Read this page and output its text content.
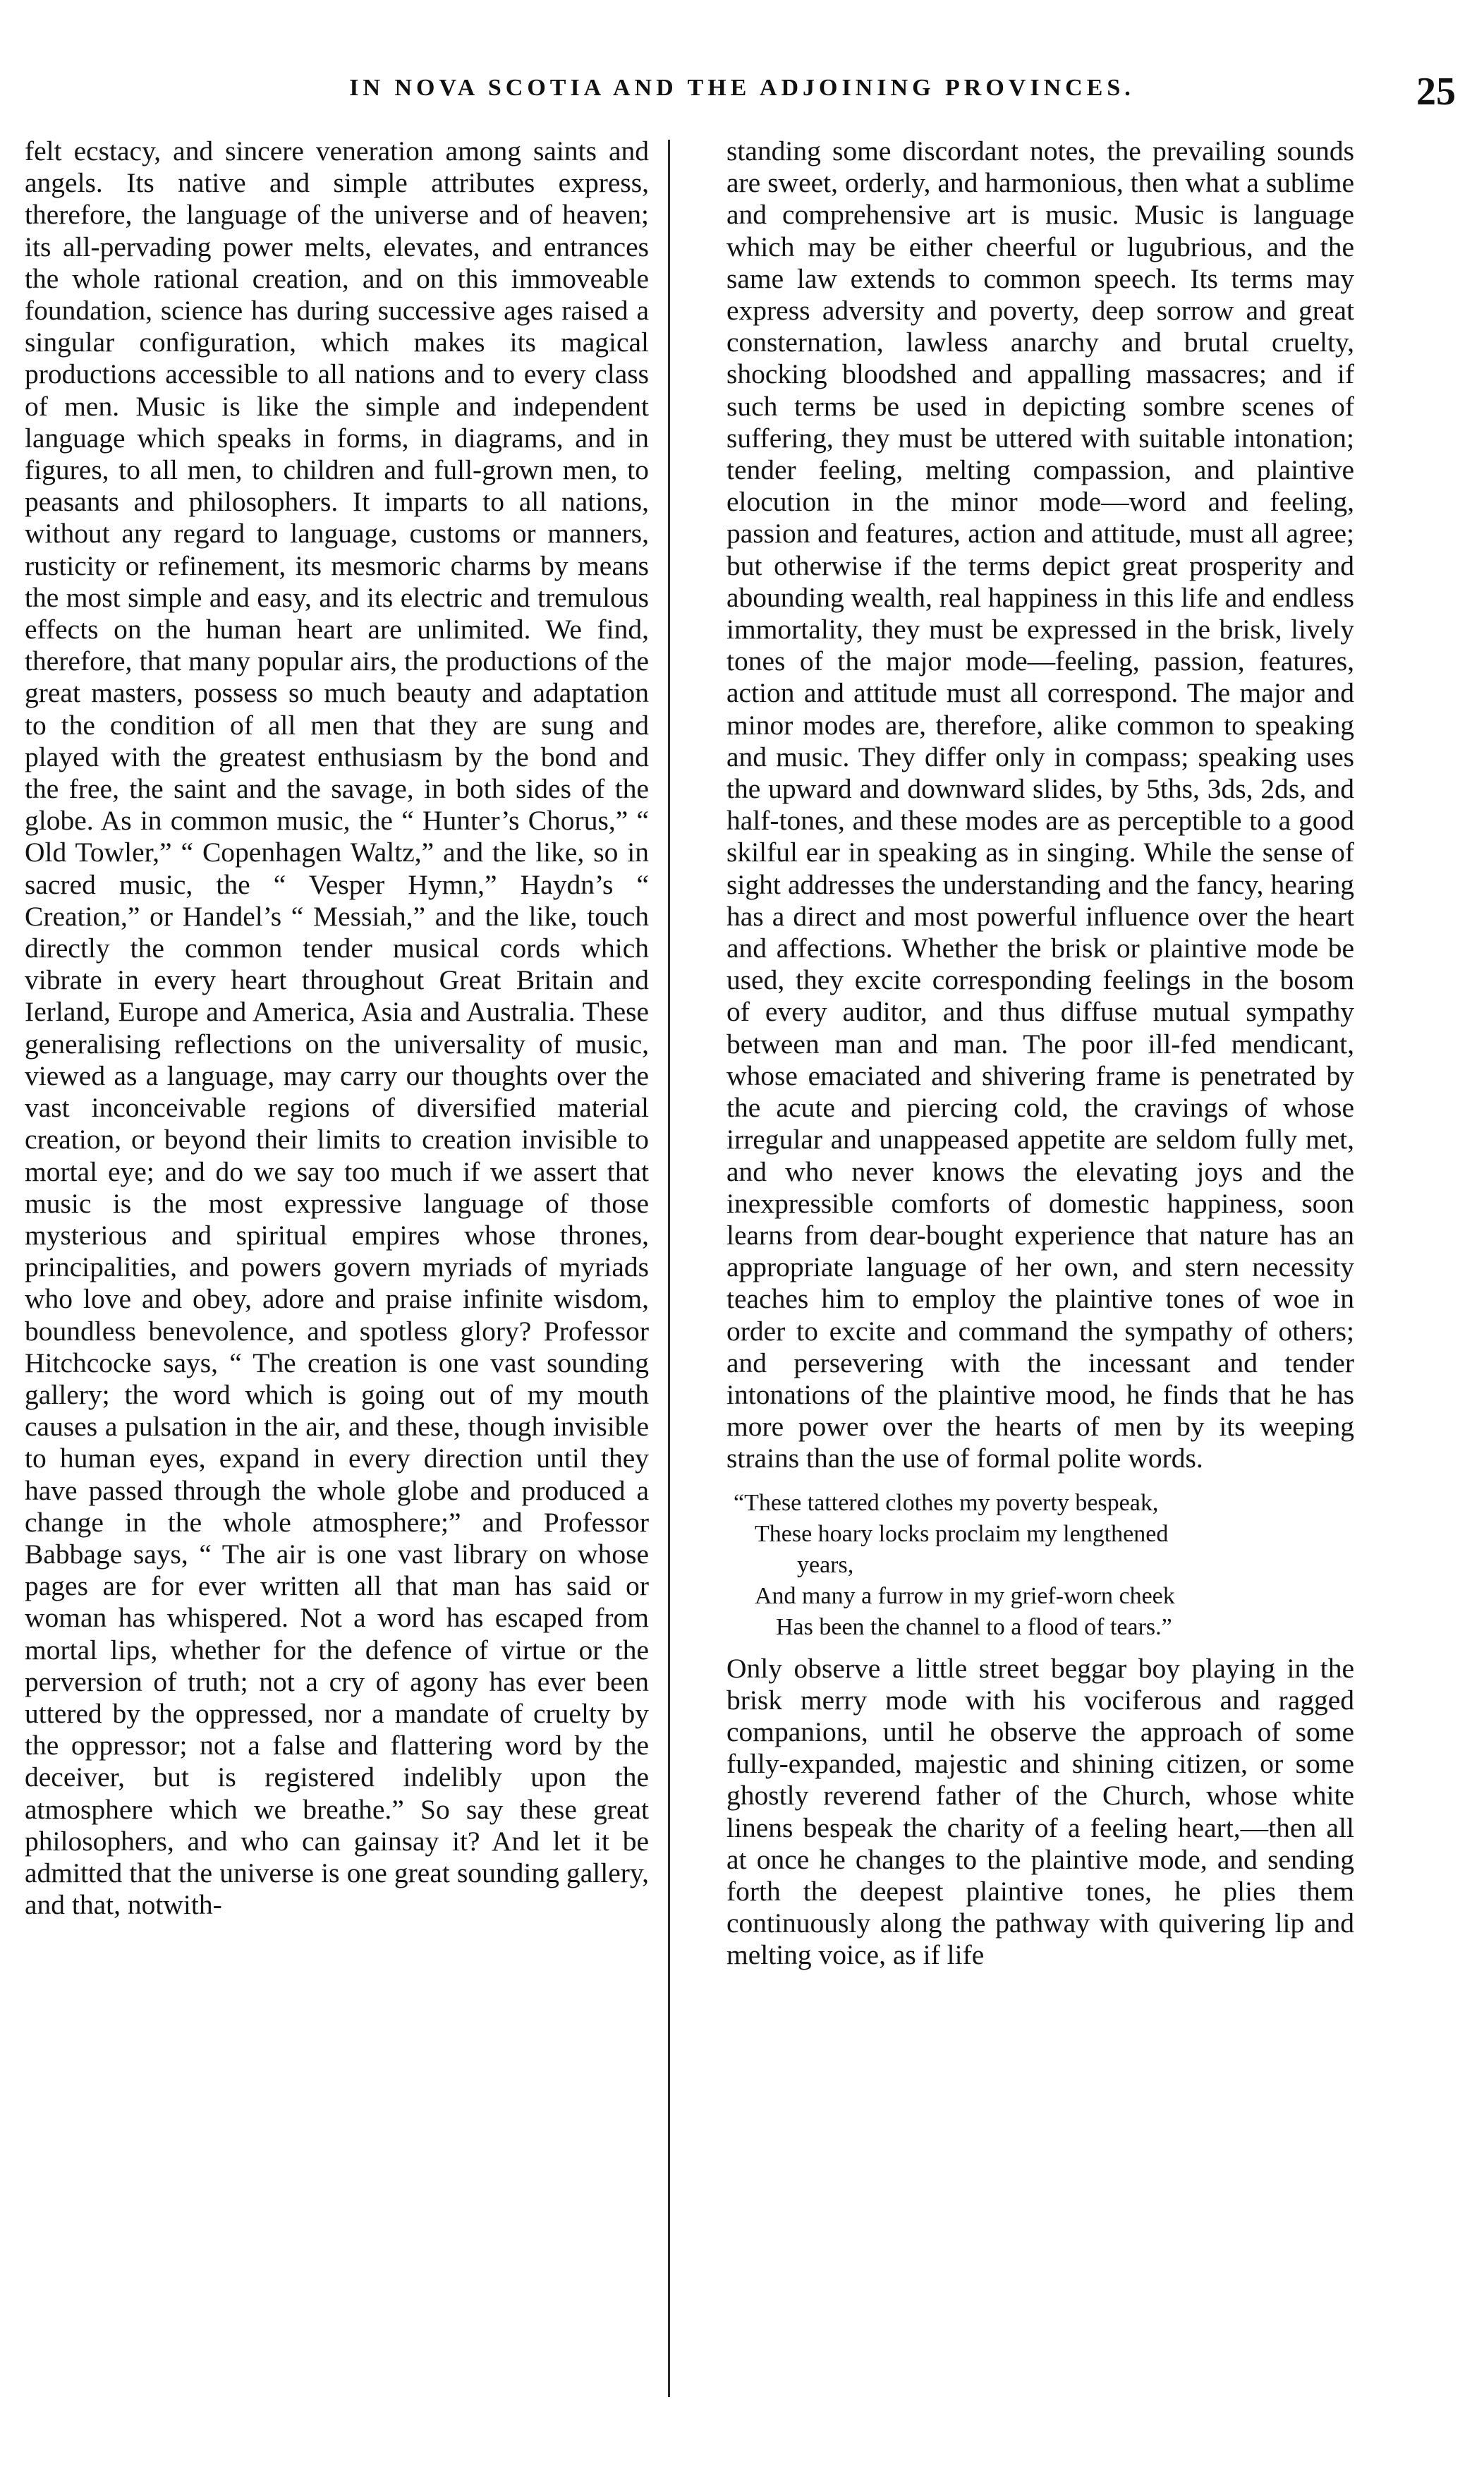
IN NOVA SCOTIA AND THE ADJOINING PROVINCES.	25

felt ecstacy, and sincere veneration among saints and angels. Its native and simple attributes express, therefore, the language of the universe and of heaven; its all-pervading power melts, elevates, and entrances the whole rational creation, and on this immoveable foundation, science has during successive ages raised a singular configuration, which makes its magical productions accessible to all nations and to every class of men. Music is like the simple and independent language which speaks in forms, in diagrams, and in figures, to all men, to children and full-grown men, to peasants and philosophers. It imparts to all nations, without any regard to language, customs or manners, rusticity or refinement, its mesmoric charms by means the most simple and easy, and its electric and tremulous effects on the human heart are unlimited. We find, therefore, that many popular airs, the productions of the great masters, possess so much beauty and adaptation to the condition of all men that they are sung and played with the greatest enthusiasm by the bond and the free, the saint and the savage, in both sides of the globe. As in common music, the “ Hunter’s Chorus,” “ Old Towler,” “ Copenhagen Waltz,” and the like, so in sacred music, the “ Vesper Hymn,” Haydn’s “ Creation,” or Handel’s “ Messiah,” and the like, touch directly the common tender musical cords which vibrate in every heart throughout Great Britain and Ierland, Europe and America, Asia and Australia. These generalising reflections on the universality of music, viewed as a language, may carry our thoughts over the vast inconceivable regions of diversified material creation, or beyond their limits to creation invisible to mortal eye; and do we say too much if we assert that music is the most expressive language of those mysterious and spiritual empires whose thrones, principalities, and powers govern myriads of myriads who love and obey, adore and praise infinite wisdom, boundless benevolence, and spotless glory? Professor Hitchcocke says, “ The creation is one vast sounding gallery; the word which is going out of my mouth causes a pulsation in the air, and these, though invisible to human eyes, expand in every direction until they have passed through the whole globe and produced a change in the whole atmosphere;” and Professor Babbage says, “ The air is one vast library on whose pages are for ever written all that man has said or woman has whispered. Not a word has escaped from mortal lips, whether for the defence of virtue or the perversion of truth; not a cry of agony has ever been uttered by the oppressed, nor a mandate of cruelty by the oppressor; not a false and flattering word by the deceiver, but is registered indelibly upon the atmosphere which we breathe.” So say these great philosophers, and who can gainsay it? And let it be admitted that the universe is one great sounding gallery, and that, notwith-

standing some discordant notes, the prevailing sounds are sweet, orderly, and harmonious, then what a sublime and comprehensive art is music. Music is language which may be either cheerful or lugubrious, and the same law extends to common speech. Its terms may express adversity and poverty, deep sorrow and great consternation, lawless anarchy and brutal cruelty, shocking bloodshed and appalling massacres; and if such terms be used in depicting sombre scenes of suffering, they must be uttered with suitable intonation; tender feeling, melting compassion, and plaintive elocution in the minor mode—word and feeling, passion and features, action and attitude, must all agree; but otherwise if the terms depict great prosperity and abounding wealth, real happiness in this life and endless immortality, they must be expressed in the brisk, lively tones of the major mode—feeling, passion, features, action and attitude must all correspond. The major and minor modes are, therefore, alike common to speaking and music. They differ only in compass; speaking uses the upward and downward slides, by 5ths, 3ds, 2ds, and half-tones, and these modes are as perceptible to a good skilful ear in speaking as in singing. While the sense of sight addresses the understanding and the fancy, hearing has a direct and most powerful influence over the heart and affections. Whether the brisk or plaintive mode be used, they excite corresponding feelings in the bosom of every auditor, and thus diffuse mutual sympathy between man and man. The poor ill-fed mendicant, whose emaciated and shivering frame is penetrated by the acute and piercing cold, the cravings of whose irregular and unappeased appetite are seldom fully met, and who never knows the elevating joys and the inexpressible comforts of domestic happiness, soon learns from dear-bought experience that nature has an appropriate language of her own, and stern necessity teaches him to employ the plaintive tones of woe in order to excite and command the sympathy of others; and persevering with the incessant and tender intonations of the plaintive mood, he finds that he has more power over the hearts of men by its weeping strains than the use of formal polite words.

“These tattered clothes my poverty bespeak,
These hoary locks proclaim my lengthened
years,
And many a furrow in my grief-worn cheek
Has been the channel to a flood of tears.”

Only observe a little street beggar boy playing in the brisk merry mode with his vociferous and ragged companions, until he observe the approach of some fully-expanded, majestic and shining citizen, or some ghostly reverend father of the Church, whose white linens bespeak the charity of a feeling heart,—then all at once he changes to the plaintive mode, and sending forth the deepest plaintive tones, he plies them continuously along the pathway with quivering lip and melting voice, as if life
